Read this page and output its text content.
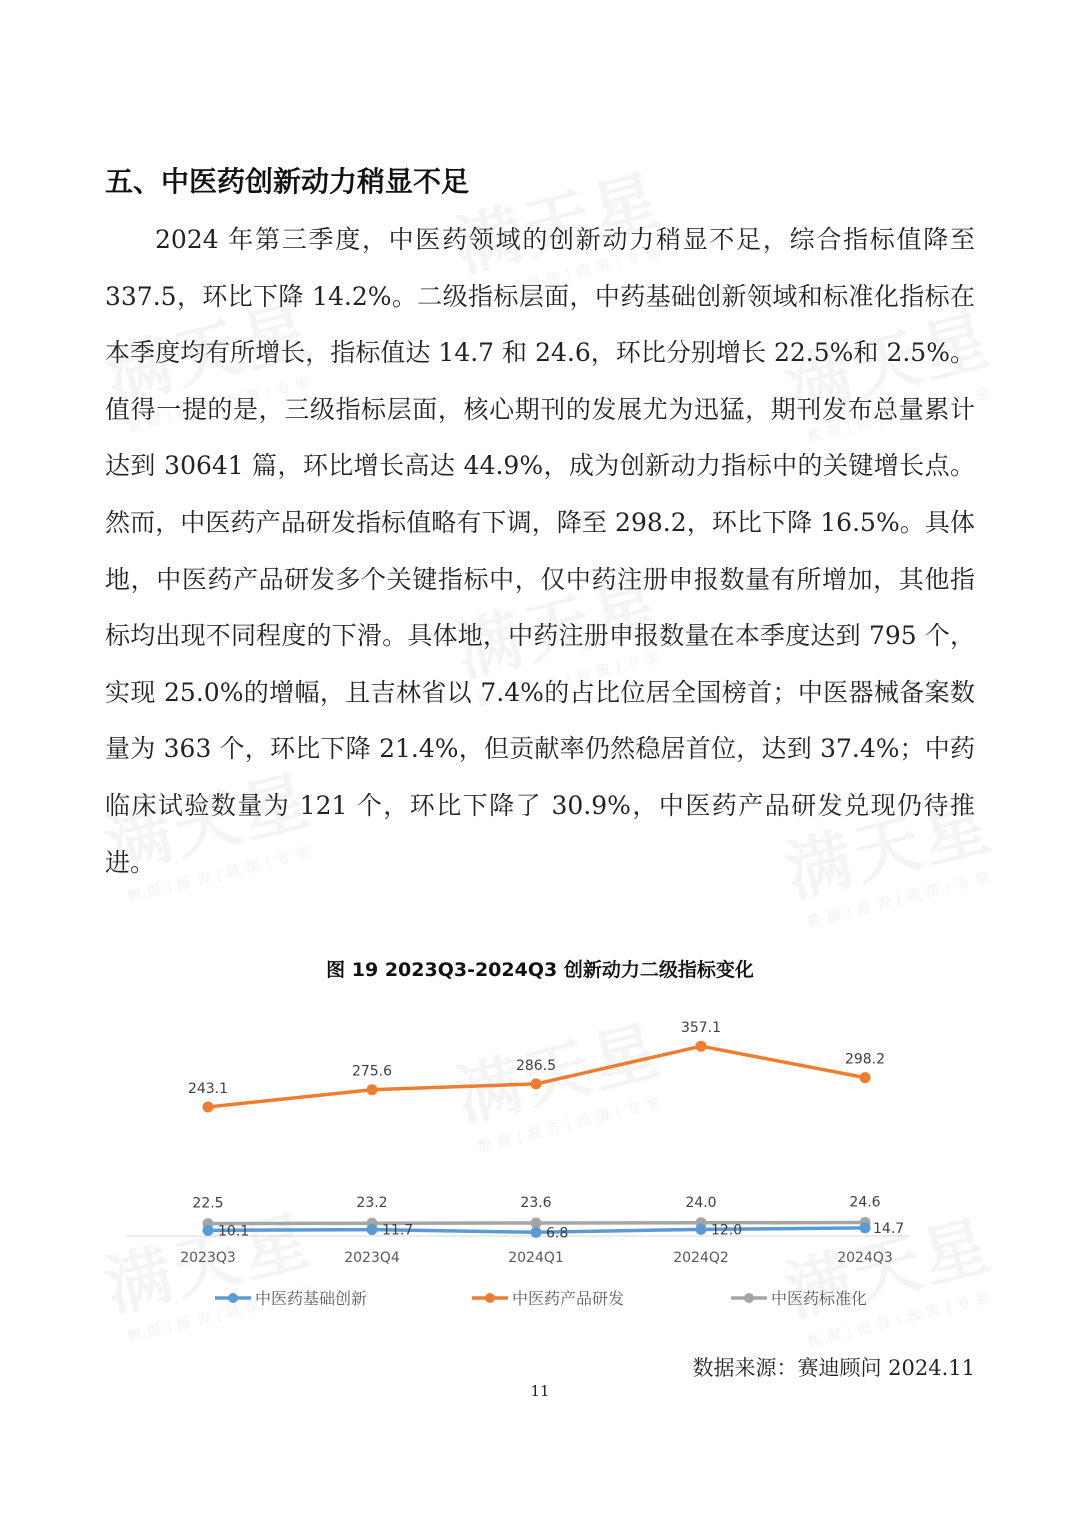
五、中医药创新动力稍显不足

2024 年第三季度，中医药领域的创新动力稍显不足，综合指标值降至 337.5，环比下降 14.2%。二级指标层面，中药基础创新领域和标准化指标在本季度均有所增长，指标值达 14.7 和 24.6，环比分别增长 22.5%和 2.5%。值得一提的是，三级指标层面，核心期刊的发展尤为迅猛，期刊发布总量累计达到 30641 篇，环比增长高达 44.9%，成为创新动力指标中的关键增长点。然而，中医药产品研发指标值略有下调，降至 298.2，环比下降 16.5%。具体地，中医药产品研发多个关键指标中，仅中药注册申报数量有所增加，其他指标均出现不同程度的下滑。具体地，中药注册申报数量在本季度达到 795 个，实现 25.0%的增幅，且吉林省以 7.4%的占比位居全国榜首；中医器械备案数量为 363 个，环比下降 21.4%，但贡献率仍然稳居首位，达到 37.4%；中药临床试验数量为 121 个，环比下降了 30.9%，中医药产品研发兑现仍待推进。

图 19 2023Q3-2024Q3 创新动力二级指标变化
10.1	11.7	6.8	12.0	14.7
243.1
275.6	286.5
357.1
298.2
22.5	23.2	23.6	24.0	24.6
2023Q3	2023Q4	2024Q1	2024Q2	2024Q3
中医药基础创新	中医药产品研发	中医药标准化
数据来源：赛迪顾问 2024.11
11
